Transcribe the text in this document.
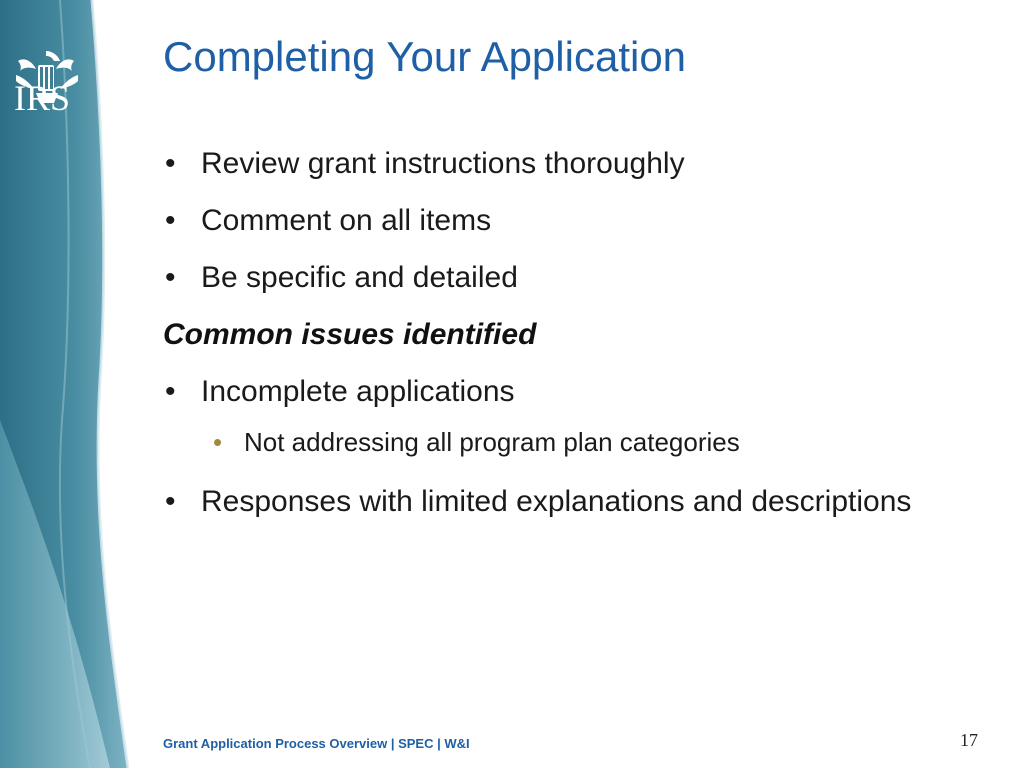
IRS
Completing Your Application
• Review grant instructions thoroughly
• Comment on all items
• Be specific and detailed
Common issues identified
• Incomplete applications
• Not addressing all program plan categories
• Responses with limited explanations and descriptions
Grant Application Process Overview | SPEC | W&I	17
